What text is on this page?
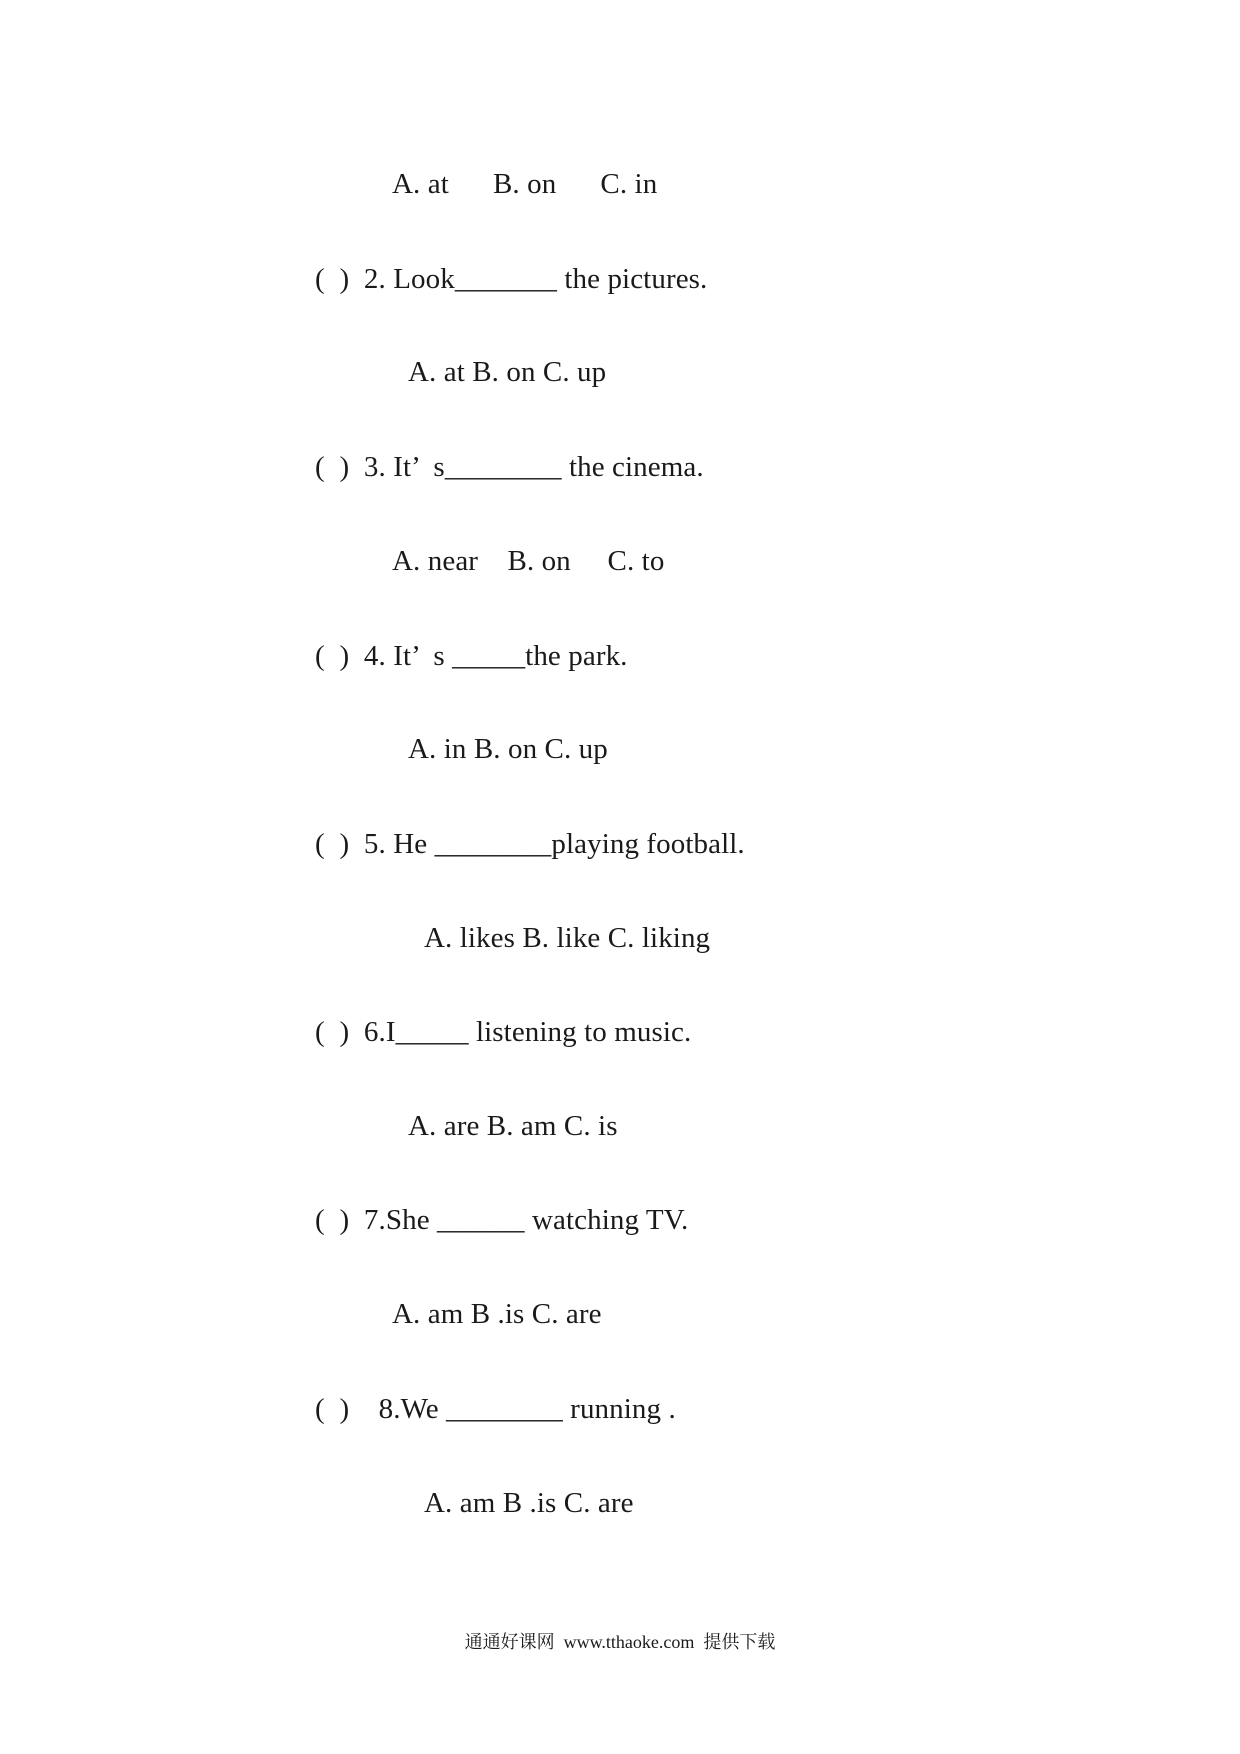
A. at      B. on      C. in
(  )  2. Look_______ the pictures.
A. at B. on C. up
(  )  3. It’  s________ the cinema.
A. near    B. on     C. to
(  )  4. It’  s _____the park.
A. in B. on C. up
(  )  5. He ________playing football.
A. likes B. like C. liking
(  )  6.I_____ listening to music.
A. are B. am C. is
(  )  7.She ______ watching TV.
A. am B .is C. are
(  )    8.We ________ running .
A. am B .is C. are
通通好课网  www.tthaoke.com  提供下载
